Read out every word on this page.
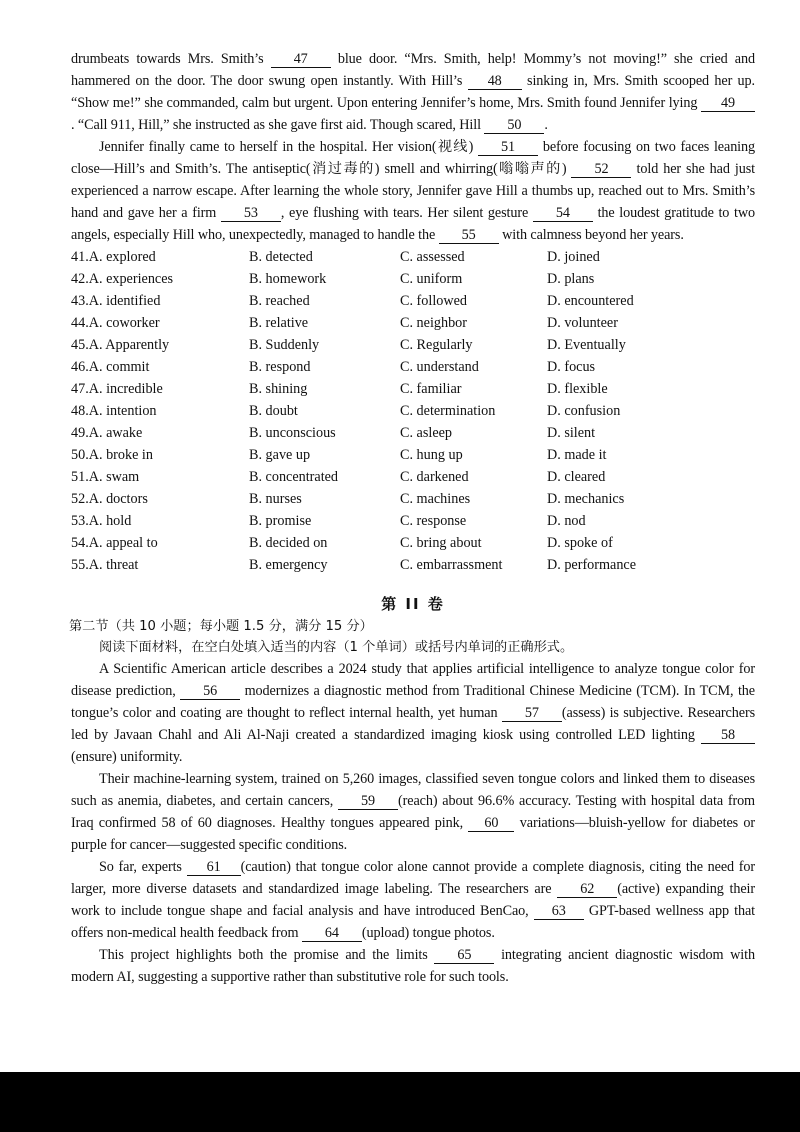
drumbeats towards Mrs. Smith’s 47 blue door. “Mrs. Smith, help! Mommy’s not moving!” she cried and hammered on the door. The door swung open instantly. With Hill’s 48 sinking in, Mrs. Smith scooped her up. “Show me!” she commanded, calm but urgent. Upon entering Jennifer’s home, Mrs. Smith found Jennifer lying 49. “Call 911, Hill,” she instructed as she gave first aid. Though scared, Hill 50 .

Jennifer finally came to herself in the hospital. Her vision(视线) 51 before focusing on two faces leaning close—Hill’s and Smith’s. The antiseptic(消过毒的) smell and whirring(嗡嗡声的) 52 told her she had just experienced a narrow escape. After learning the whole story, Jennifer gave Hill a thumbs up, reached out to Mrs. Smith’s hand and gave her a firm 53 , eye flushing with tears. Her silent gesture 54 the loudest gratitude to two angels, especially Hill who, unexpectedly, managed to handle the 55 with calmness beyond her years.

41.A. explored	B. detected	C. assessed	D. joined
42.A. experiences	B. homework	C. uniform	D. plans
43.A. identified	B. reached	C. followed	D. encountered
44.A. coworker	B. relative	C. neighbor	D. volunteer
45.A. Apparently	B. Suddenly	C. Regularly	D. Eventually
46.A. commit	B. respond	C. understand	D. focus
47.A. incredible	B. shining	C. familiar	D. flexible
48.A. intention	B. doubt	C. determination	D. confusion
49.A. awake	B. unconscious	C. asleep	D. silent
50.A. broke in	B. gave up	C. hung up	D. made it
51.A. swam	B. concentrated	C. darkened	D. cleared
52.A. doctors	B. nurses	C. machines	D. mechanics
53.A. hold	B. promise	C. response	D. nod
54.A. appeal to	B. decided on	C. bring about	D. spoke of
55.A. threat	B. emergency	C. embarrassment	D. performance
第 II 卷
第二节（共 10 小题；每小题 1.5 分，满分 15 分）
阅读下面材料，在空白处填入适当的内容（1 个单词）或括号内单词的正确形式。

A Scientific American article describes a 2024 study that applies artificial intelligence to analyze tongue color for disease prediction, 56 modernizes a diagnostic method from Traditional Chinese Medicine (TCM). In TCM, the tongue’s color and coating are thought to reflect internal health, yet human 57 (assess) is subjective. Researchers led by Javaan Chahl and Ali Al-Naji created a standardized imaging kiosk using controlled LED lighting 58(ensure) uniformity.

Their machine-learning system, trained on 5,260 images, classified seven tongue colors and linked them to diseases such as anemia, diabetes, and certain cancers, 59 (reach) about 96.6% accuracy. Testing with hospital data from Iraq confirmed 58 of 60 diagnoses. Healthy tongues appeared pink, 60 variations—bluish-yellow for diabetes or purple for cancer—suggested specific conditions.

So far, experts 61 (caution) that tongue color alone cannot provide a complete diagnosis, citing the need for larger, more diverse datasets and standardized image labeling. The researchers are 62 (active) expanding their work to include tongue shape and facial analysis and have introduced BenCao, 63 GPT-based wellness app that offers non-medical health feedback from 64 (upload) tongue photos.

This project highlights both the promise and the limits 65 integrating ancient diagnostic wisdom with modern AI, suggesting a supportive rather than substitutive role for such tools.
